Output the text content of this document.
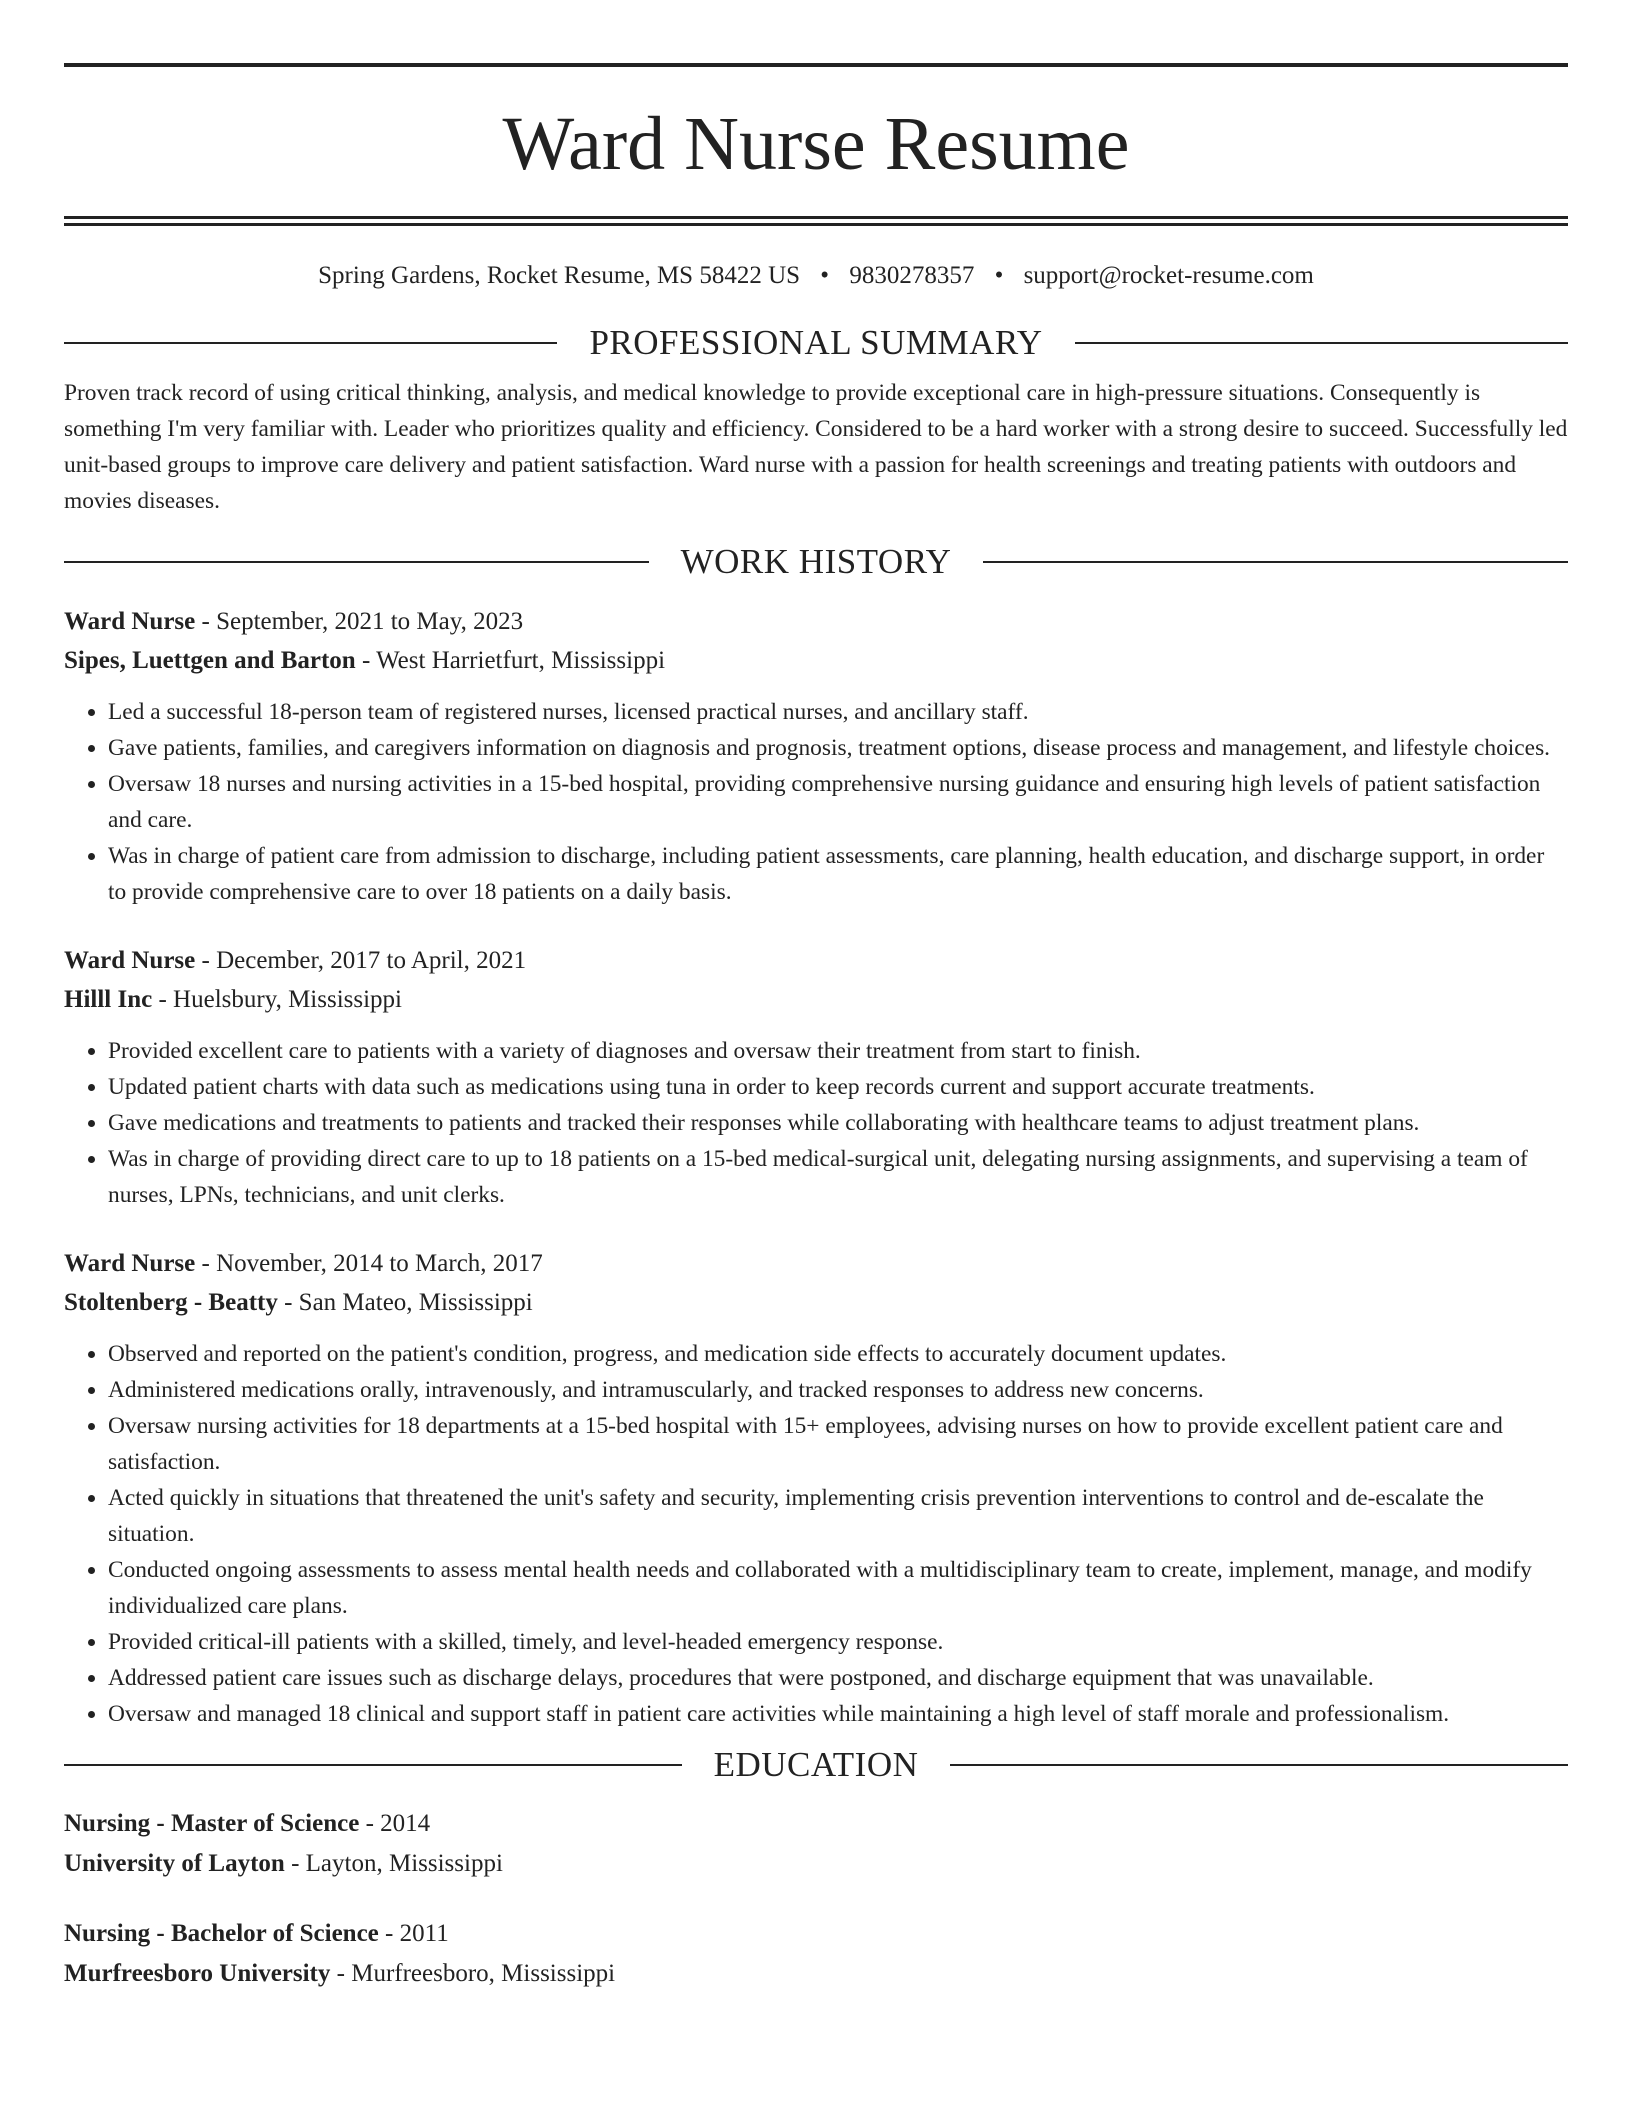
Ward Nurse Resume
Spring Gardens, Rocket Resume, MS 58422 US • 9830278357 • support@rocket-resume.com
PROFESSIONAL SUMMARY

Proven track record of using critical thinking, analysis, and medical knowledge to provide exceptional care in high-pressure situations. Consequently is something I'm very familiar with. Leader who prioritizes quality and efficiency. Considered to be a hard worker with a strong desire to succeed. Successfully led unit-based groups to improve care delivery and patient satisfaction. Ward nurse with a passion for health screenings and treating patients with outdoors and movies diseases.

WORK HISTORY
Ward Nurse - September, 2021 to May, 2023
Sipes, Luettgen and Barton - West Harrietfurt, Mississippi
• Led a successful 18-person team of registered nurses, licensed practical nurses, and ancillary staff.
• Gave patients, families, and caregivers information on diagnosis and prognosis, treatment options, disease process and management, and lifestyle choices.
• Oversaw 18 nurses and nursing activities in a 15-bed hospital, providing comprehensive nursing guidance and ensuring high levels of patient satisfaction and care.
• Was in charge of patient care from admission to discharge, including patient assessments, care planning, health education, and discharge support, in order to provide comprehensive care to over 18 patients on a daily basis.
Ward Nurse - December, 2017 to April, 2021
Hilll Inc - Huelsbury, Mississippi
• Provided excellent care to patients with a variety of diagnoses and oversaw their treatment from start to finish.
• Updated patient charts with data such as medications using tuna in order to keep records current and support accurate treatments.
• Gave medications and treatments to patients and tracked their responses while collaborating with healthcare teams to adjust treatment plans.
• Was in charge of providing direct care to up to 18 patients on a 15-bed medical-surgical unit, delegating nursing assignments, and supervising a team of nurses, LPNs, technicians, and unit clerks.
Ward Nurse - November, 2014 to March, 2017
Stoltenberg - Beatty - San Mateo, Mississippi
• Observed and reported on the patient's condition, progress, and medication side effects to accurately document updates.
• Administered medications orally, intravenously, and intramuscularly, and tracked responses to address new concerns.
• Oversaw nursing activities for 18 departments at a 15-bed hospital with 15+ employees, advising nurses on how to provide excellent patient care and satisfaction.
• Acted quickly in situations that threatened the unit's safety and security, implementing crisis prevention interventions to control and de-escalate the situation.
• Conducted ongoing assessments to assess mental health needs and collaborated with a multidisciplinary team to create, implement, manage, and modify individualized care plans.
• Provided critical-ill patients with a skilled, timely, and level-headed emergency response.
• Addressed patient care issues such as discharge delays, procedures that were postponed, and discharge equipment that was unavailable.
• Oversaw and managed 18 clinical and support staff in patient care activities while maintaining a high level of staff morale and professionalism.
EDUCATION
Nursing - Master of Science - 2014
University of Layton - Layton, Mississippi
Nursing - Bachelor of Science - 2011
Murfreesboro University - Murfreesboro, Mississippi
